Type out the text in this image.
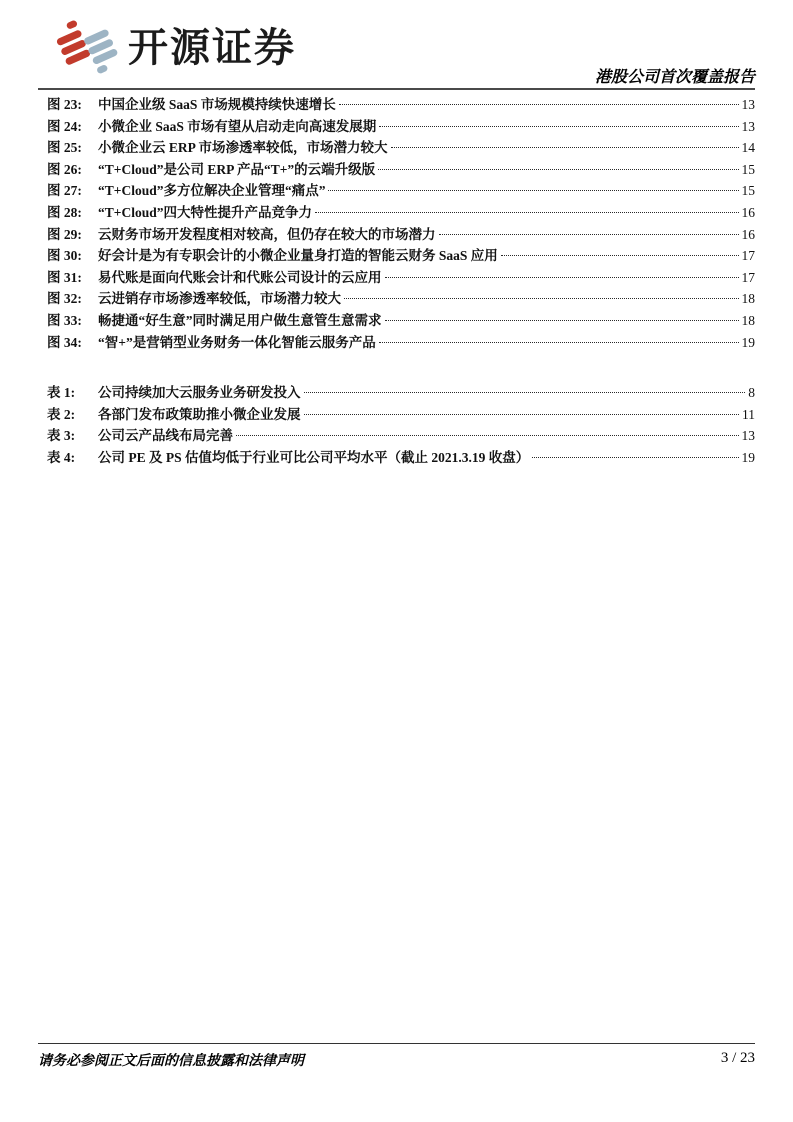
开源证券
港股公司首次覆盖报告
图 23:	中国企业级 SaaS 市场规模持续快速增长	13
图 24:	小微企业 SaaS 市场有望从启动走向高速发展期	13
图 25:	小微企业云 ERP 市场渗透率较低，市场潜力较大	14
图 26:	“T+Cloud”是公司 ERP 产品“T+”的云端升级版	15
图 27:	“T+Cloud”多方位解决企业管理“痛点”	15
图 28:	“T+Cloud”四大特性提升产品竞争力	16
图 29:	云财务市场开发程度相对较高，但仍存在较大的市场潜力	16
图 30:	好会计是为有专职会计的小微企业量身打造的智能云财务 SaaS 应用	17
图 31:	易代账是面向代账会计和代账公司设计的云应用	17
图 32:	云进销存市场渗透率较低，市场潜力较大	18
图 33:	畅捷通“好生意”同时满足用户做生意管生意需求	18
图 34:	“智+”是营销型业务财务一体化智能云服务产品	19
表 1:	公司持续加大云服务业务研发投入	8
表 2:	各部门发布政策助推小微企业发展	11
表 3:	公司云产品线布局完善	13
表 4:	公司 PE 及 PS 估值均低于行业可比公司平均水平（截止 2021.3.19 收盘）	19
请务必参阅正文后面的信息披露和法律声明	3 / 23
